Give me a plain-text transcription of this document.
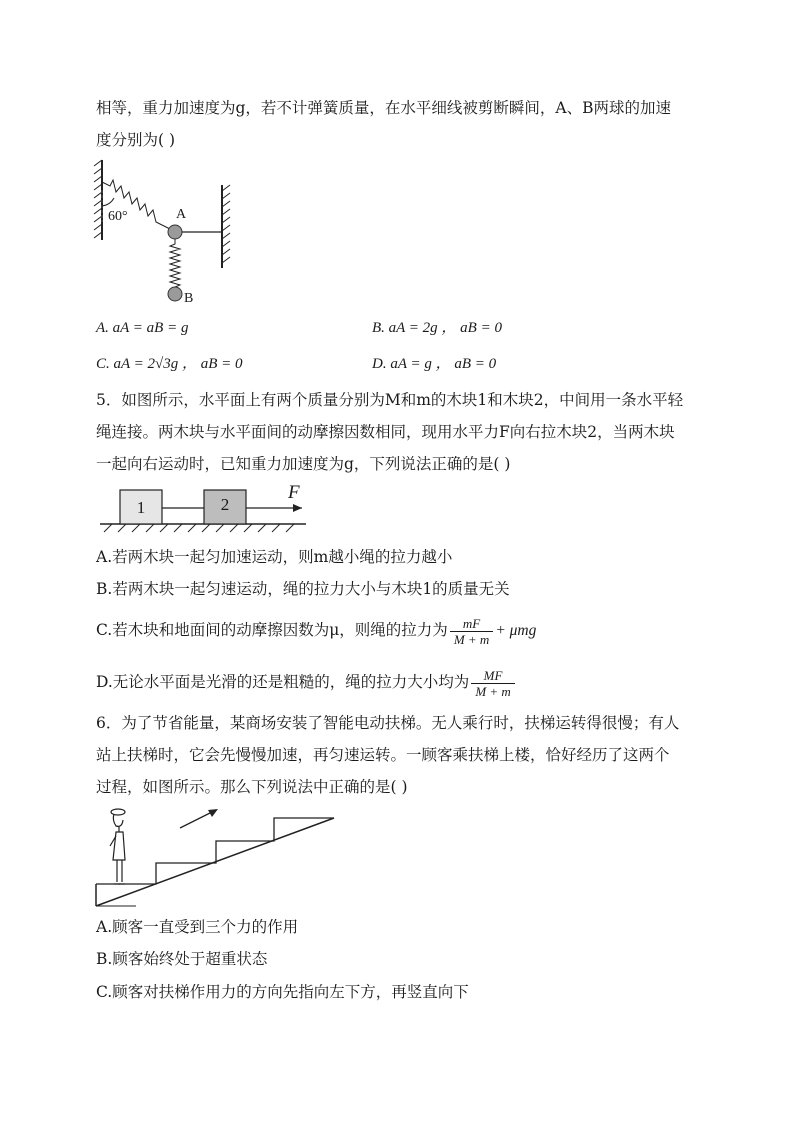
相等，重力加速度为g，若不计弹簧质量，在水平细线被剪断瞬间，A、B两球的加速
度分别为( )
60°	A
B
A. aA = aB = g	B. aA = 2g ， aB = 0
C. aA = 2√3g ， aB = 0	D. aA = g ， aB = 0
5．如图所示，水平面上有两个质量分别为M和m的木块1和木块2，中间用一条水平轻
绳连接。两木块与水平面间的动摩擦因数相同，现用水平力F向右拉木块2，当两木块
一起向右运动时，已知重力加速度为g，下列说法正确的是( )
1	2
F
A.若两木块一起匀加速运动，则m越小绳的拉力越小
B.若两木块一起匀速运动，绳的拉力大小与木块1的质量无关
C.若木块和地面间的动摩擦因数为μ，则绳的拉力为 $\frac{mF}{M + m} + \mu mg$
D.无论水平面是光滑的还是粗糙的，绳的拉力大小均为 $\frac{MF}{M + m}$
6．为了节省能量，某商场安装了智能电动扶梯。无人乘行时，扶梯运转得很慢；有人
站上扶梯时，它会先慢慢加速，再匀速运转。一顾客乘扶梯上楼，恰好经历了这两个
过程，如图所示。那么下列说法中正确的是( )
A.顾客一直受到三个力的作用
B.顾客始终处于超重状态
C.顾客对扶梯作用力的方向先指向左下方，再竖直向下
